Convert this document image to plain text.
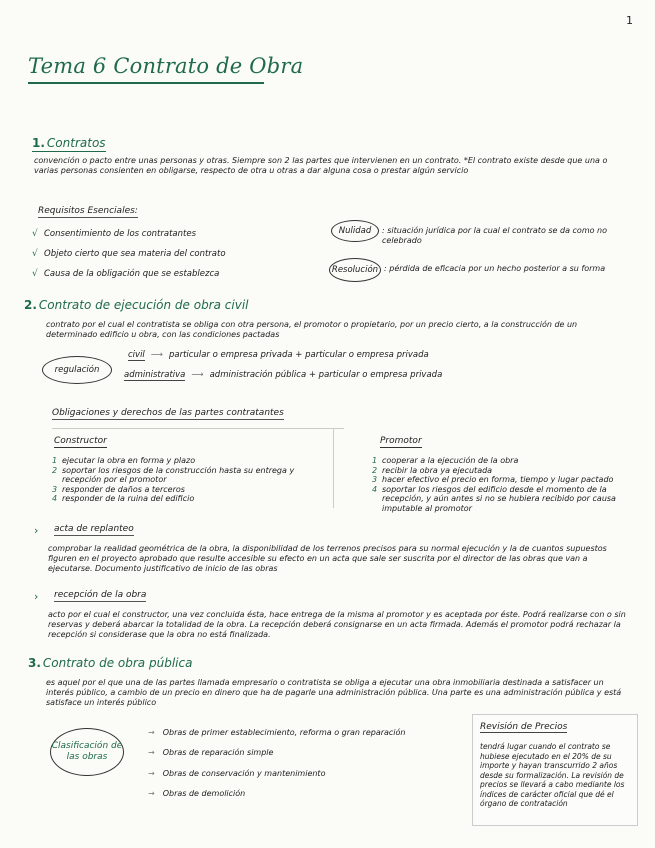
1
Tema 6 Contrato de Obra
1. Contratos
convención o pacto entre unas personas y otras. Siempre son 2 las partes que intervienen en un contrato. *El contrato existe desde que una o varias personas consienten en obligarse, respecto de otra u otras a dar alguna cosa o prestar algún servicio
Requisitos Esenciales:
√ Consentimiento de los contratantes
√ Objeto cierto que sea materia del contrato
√ Causa de la obligación que se establezca
Nulidad	: situación jurídica por la cual el contrato se da como no celebrado
Resolución : pérdida de eficacia por un hecho posterior a su forma
2. Contrato de ejecución de obra civil
contrato por el cual el contratista se obliga con otra persona, el promotor o propietario, por un precio cierto, a la construcción de un determinado edificio u obra, con las condiciones pactadas
regulación
civil ⟶ particular o empresa privada + particular o empresa privada
administrativa ⟶ administración pública + particular o empresa privada
Obligaciones y derechos de las partes contratantes
Constructor
1 ejecutar la obra en forma y plazo
2 soportar los riesgos de la construcción hasta su entrega y recepción por el promotor
3 responder de daños a terceros
4 responder de la ruina del edificio
Promotor
1 cooperar a la ejecución de la obra
2 recibir la obra ya ejecutada
3 hacer efectivo el precio en forma, tiempo y lugar pactado
4 soportar los riesgos del edificio desde el momento de la recepción, y aún antes si no se hubiera recibido por causa imputable al promotor
› acta de replanteo
comprobar la realidad geométrica de la obra, la disponibilidad de los terrenos precisos para su normal ejecución y la de cuantos supuestos figuren en el proyecto aprobado que resulte accesible su efecto en un acta que sale ser suscrita por el director de las obras que van a ejecutarse. Documento justificativo de inicio de las obras
› recepción de la obra
acto por el cual el constructor, una vez concluida ésta, hace entrega de la misma al promotor y es aceptada por éste. Podrá realizarse con o sin reservas y deberá abarcar la totalidad de la obra. La recepción deberá consignarse en un acta firmada. Además el promotor podrá rechazar la recepción si considerase que la obra no está finalizada.
3. Contrato de obra pública
es aquel por el que una de las partes llamada empresario o contratista se obliga a ejecutar una obra inmobiliaria destinada a satisfacer un interés público, a cambio de un precio en dinero que ha de pagarle una administración pública. Una parte es una administración pública y está satisface un interés público
Clasificación de las obras
→ Obras de primer establecimiento, reforma o gran reparación
→ Obras de reparación simple
→ Obras de conservación y mantenimiento
→ Obras de demolición
Revisión de Precios
tendrá lugar cuando el contrato se hubiese ejecutado en el 20% de su importe y hayan transcurrido 2 años desde su formalización. La revisión de precios se llevará a cabo mediante los índices de carácter oficial que dé el órgano de contratación
